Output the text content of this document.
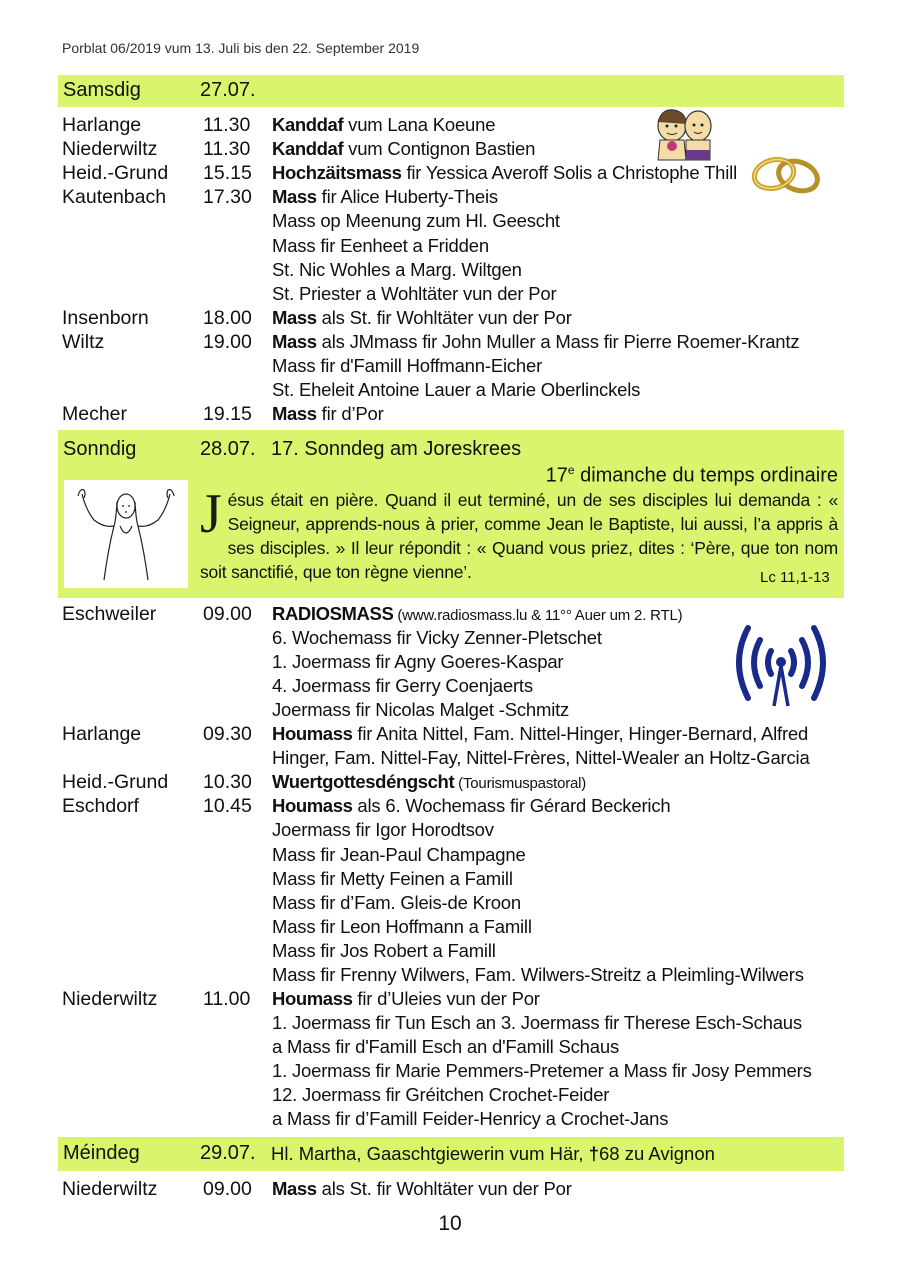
Porblat 06/2019 vum 13. Juli bis den 22. September 2019
Samsdig	27.07.
Harlange	11.30 Kanddaf vum Lana Koeune
Niederwiltz 11.30 Kanddaf vum Contignon Bastien
Heid.-Grund 15.15 Hochzäitsmass fir Yessica Averoff Solis a Christophe Thill
Kautenbach 17.30 Mass fir Alice Huberty-Theis
Mass op Meenung zum Hl. Geescht
Mass fir Eenheet a Fridden
St. Nic Wohles a Marg. Wiltgen
St. Priester a Wohltäter vun der Por
Insenborn	18.00 Mass als St. fir Wohltäter vun der Por
Wiltz	19.00 Mass als JMmass fir John Muller a Mass fir Pierre Roemer-Krantz
Mass fir d'Famill Hoffmann-Eicher
St. Eheleit Antoine Lauer a Marie Oberlinckels
Mecher	19.15 Mass fir d’Por
Sonndig	28.07. 17. Sonndeg am Joreskrees
17e dimanche du temps ordinaire
Jésus était en pière. Quand il eut terminé, un de ses disciples lui demanda : « Seigneur, apprends-nous à prier, comme Jean le Baptiste, lui aussi, l’a appris à ses disciples. » Il leur répondit : « Quand vous priez, dites : ‘Père, que ton nom soit sanctifié, que ton règne vienne’.	Lc 11,1-13
Eschweiler 09.00 RADIOSMASS (www.radiosmass.lu & 11°° Auer um 2. RTL)
6. Wochemass fir Vicky Zenner-Pletschet
1. Joermass fir Agny Goeres-Kaspar
4. Joermass fir Gerry Coenjaerts
Joermass fir Nicolas Malget -Schmitz
Harlange	09.30 Houmass fir Anita Nittel, Fam. Nittel-Hinger, Hinger-Bernard, Alfred
Hinger, Fam. Nittel-Fay, Nittel-Frères, Nittel-Wealer an Holtz-Garcia
Heid.-Grund 10.30 Wuertgottesdéngscht (Tourismuspastoral)
Eschdorf	10.45 Houmass als 6. Wochemass fir Gérard Beckerich
Joermass fir Igor Horodtsov
Mass fir Jean-Paul Champagne
Mass fir Metty Feinen a Famill
Mass fir d’Fam. Gleis-de Kroon
Mass fir Leon Hoffmann a Famill
Mass fir Jos Robert a Famill
Mass fir Frenny Wilwers, Fam. Wilwers-Streitz a Pleimling-Wilwers
Niederwiltz 11.00 Houmass fir d’Uleies vun der Por
1. Joermass fir Tun Esch an 3. Joermass fir Therese Esch-Schaus
a Mass fir d'Famill Esch an d'Famill Schaus
1. Joermass fir Marie Pemmers-Pretemer a Mass fir Josy Pemmers
12. Joermass fir Gréitchen Crochet-Feider
a Mass fir d’Famill Feider-Henricy a Crochet-Jans
Méindeg	29.07. Hl. Martha, Gaaschtgiewerin vum Här, †68 zu Avignon
Niederwiltz 09.00 Mass als St. fir Wohltäter vun der Por
10
